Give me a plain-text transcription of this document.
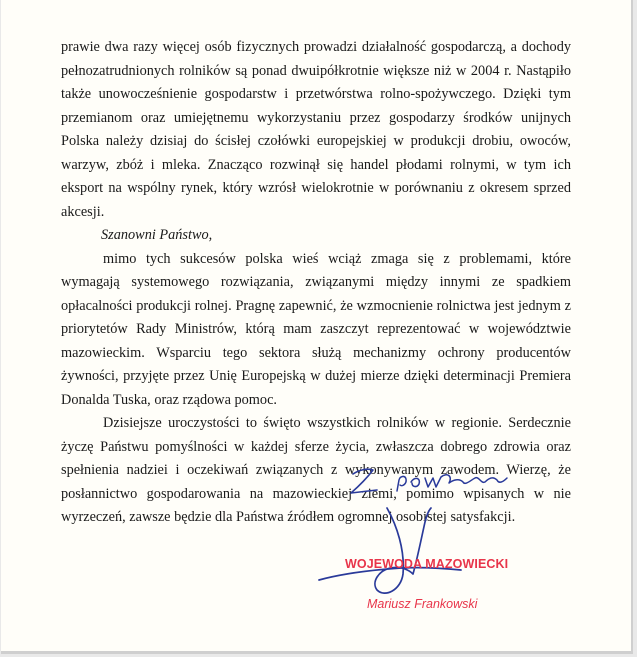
prawie dwa razy więcej osób fizycznych prowadzi działalność gospodarczą, a dochody pełnozatrudnionych rolników są ponad dwuipółkrotnie większe niż w 2004 r. Nastąpiło także unowocześnienie gospodarstw i przetwórstwa rolno-spożywczego. Dzięki tym przemianom oraz umiejętnemu wykorzystaniu przez gospodarzy środków unijnych Polska należy dzisiaj do ścisłej czołówki europejskiej w produkcji drobiu, owoców, warzyw, zbóż i mleka. Znacząco rozwinął się handel płodami rolnymi, w tym ich eksport na wspólny rynek, który wzrósł wielokrotnie w porównaniu z okresem sprzed akcesji.

Szanowni Państwo,

mimo tych sukcesów polska wieś wciąż zmaga się z problemami, które wymagają systemowego rozwiązania, związanymi między innymi ze spadkiem opłacalności produkcji rolnej. Pragnę zapewnić, że wzmocnienie rolnictwa jest jednym z priorytetów Rady Ministrów, którą mam zaszczyt reprezentować w województwie mazowieckim. Wsparciu tego sektora służą mechanizmy ochrony producentów żywności, przyjęte przez Unię Europejską w dużej mierze dzięki determinacji Premiera Donalda Tuska, oraz rządowa pomoc.

Dzisiejsze uroczystości to święto wszystkich rolników w regionie. Serdecznie życzę Państwu pomyślności w każdej sferze życia, zwłaszcza dobrego zdrowia oraz spełnienia nadziei i oczekiwań związanych z wykonywanym zawodem. Wierzę, że posłannictwo gospodarowania na mazowieckiej ziemi, pomimo wpisanych w nie wyrzeczeń, zawsze będzie dla Państwa źródłem ogromnej osobistej satysfakcji.

WOJEWODA MAZOWIECKI
Mariusz Frankowski
